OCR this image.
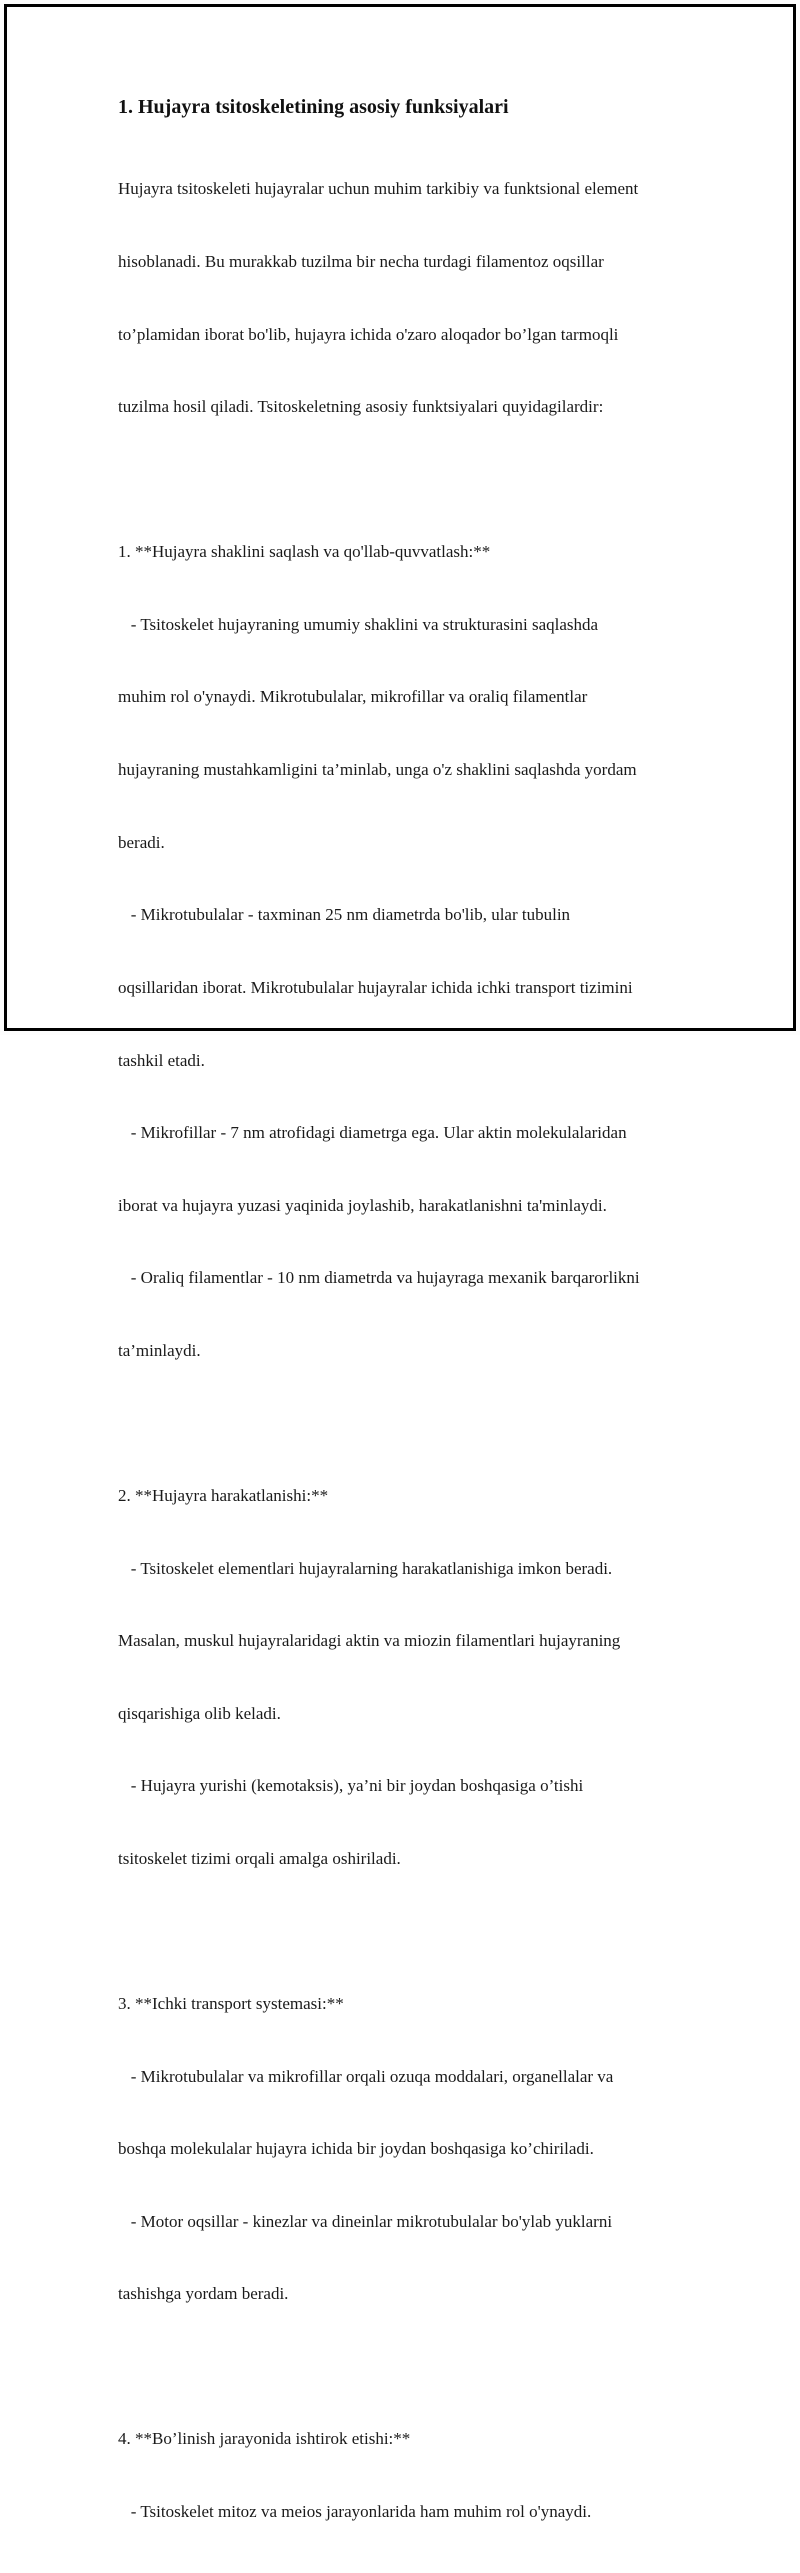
1. Hujayra tsitoskeletining asosiy funksiyalari

Hujayra tsitoskeleti hujayralar uchun muhim tarkibiy va funktsional element

hisoblanadi. Bu murakkab tuzilma bir necha turdagi filamentoz oqsillar

to’plamidan iborat bo'lib, hujayra ichida o'zaro aloqador bo’lgan tarmoqli

tuzilma hosil qiladi. Tsitoskeletning asosiy funktsiyalari quyidagilardir:

1. **Hujayra shaklini saqlash va qo'llab-quvvatlash:**

- Tsitoskelet hujayraning umumiy shaklini va strukturasini saqlashda

muhim rol o'ynaydi. Mikrotubulalar, mikrofillar va oraliq filamentlar

hujayraning mustahkamligini ta’minlab, unga o'z shaklini saqlashda yordam

beradi.

- Mikrotubulalar - taxminan 25 nm diametrda bo'lib, ular tubulin

oqsillaridan iborat. Mikrotubulalar hujayralar ichida ichki transport tizimini

tashkil etadi.

- Mikrofillar - 7 nm atrofidagi diametrga ega. Ular aktin molekulalaridan

iborat va hujayra yuzasi yaqinida joylashib, harakatlanishni ta'minlaydi.

- Oraliq filamentlar - 10 nm diametrda va hujayraga mexanik barqarorlikni

ta’minlaydi.

2. **Hujayra harakatlanishi:**

- Tsitoskelet elementlari hujayralarning harakatlanishiga imkon beradi.

Masalan, muskul hujayralaridagi aktin va miozin filamentlari hujayraning

qisqarishiga olib keladi.

- Hujayra yurishi (kemotaksis), ya’ni bir joydan boshqasiga o’tishi

tsitoskelet tizimi orqali amalga oshiriladi.

3. **Ichki transport systemasi:**

- Mikrotubulalar va mikrofillar orqali ozuqa moddalari, organellalar va

boshqa molekulalar hujayra ichida bir joydan boshqasiga ko’chiriladi.

- Motor oqsillar - kinezlar va dineinlar mikrotubulalar bo'ylab yuklarni

tashishga yordam beradi.

4. **Bo’linish jarayonida ishtirok etishi:**

- Tsitoskelet mitoz va meios jarayonlarida ham muhim rol o'ynaydi.
